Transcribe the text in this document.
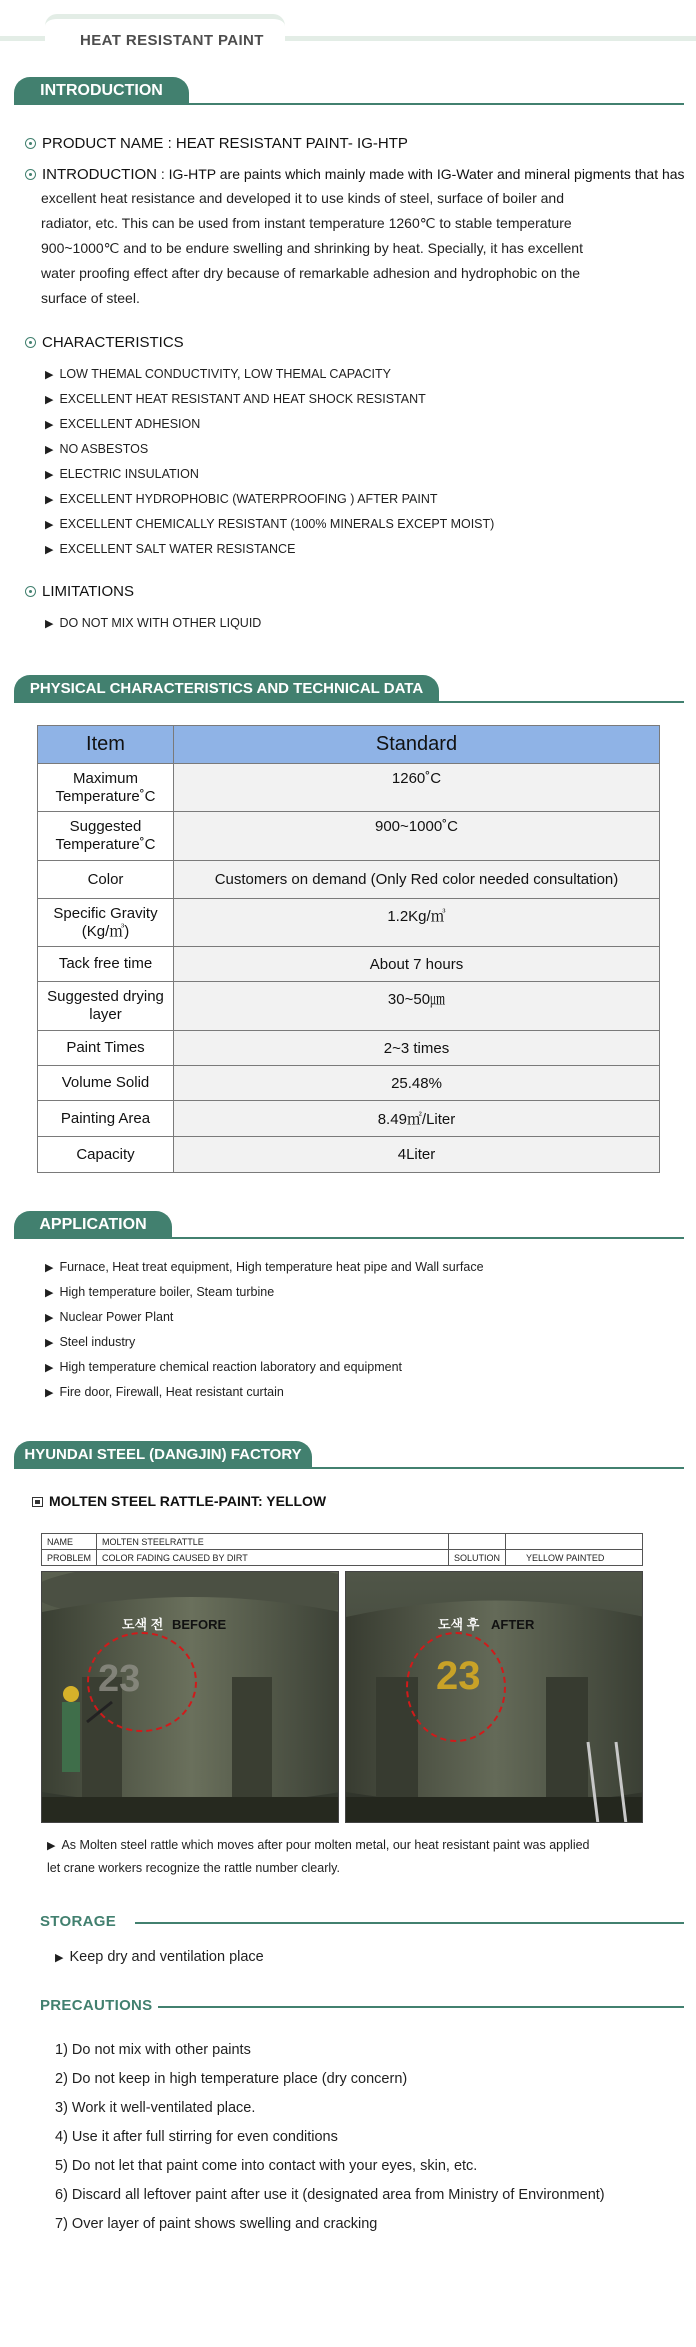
HEAT RESISTANT PAINT
INTRODUCTION
PRODUCT NAME : HEAT RESISTANT PAINT- IG-HTP
INTRODUCTION : IG-HTP are paints which mainly made with IG-Water and mineral pigments that has
excellent heat resistance and developed it to use kinds of steel, surface of boiler and
radiator, etc. This can be used from instant temperature 1260℃ to stable temperature
900~1000℃ and to be endure swelling and shrinking by heat. Specially, it has excellent
water proofing effect after dry because of remarkable adhesion and hydrophobic on the
surface of steel.
CHARACTERISTICS
▶ LOW THEMAL CONDUCTIVITY, LOW THEMAL CAPACITY
▶ EXCELLENT HEAT RESISTANT AND HEAT SHOCK RESISTANT
▶ EXCELLENT ADHESION
▶ NO ASBESTOS
▶ ELECTRIC INSULATION
▶ EXCELLENT HYDROPHOBIC (WATERPROOFING ) AFTER PAINT
▶ EXCELLENT CHEMICALLY RESISTANT (100% MINERALS EXCEPT MOIST)
▶ EXCELLENT SALT WATER RESISTANCE
LIMITATIONS
▶ DO NOT MIX WITH OTHER LIQUID
PHYSICAL CHARACTERISTICS AND TECHNICAL DATA
Item	Standard
Maximum Temperature˚C	1260˚C
Suggested Temperature˚C	900~1000˚C
Color	Customers on demand (Only Red color needed consultation)
Specific Gravity (Kg/㎥)	1.2Kg/㎥
Tack free time	About 7 hours
Suggested drying layer	30~50㎛
Paint Times	2~3 times
Volume Solid	25.48%
Painting Area	8.49㎡/Liter
Capacity	4Liter
APPLICATION
▶ Furnace, Heat treat equipment, High temperature heat pipe and Wall surface
▶ High temperature boiler, Steam turbine
▶ Nuclear Power Plant
▶ Steel industry
▶ High temperature chemical reaction laboratory and equipment
▶ Fire door, Firewall, Heat resistant curtain
HYUNDAI STEEL (DANGJIN) FACTORY
MOLTEN STEEL RATTLE-PAINT: YELLOW
NAME	MOLTEN STEELRATTLE		
PROBLEM	COLOR FADING CAUSED BY DIRT	SOLUTION	YELLOW PAINTED
도색 전 BEFORE
23
도색 후 AFTER
23
▶ As Molten steel rattle which moves after pour molten metal, our heat resistant paint was applied
let crane workers recognize the rattle number clearly.
STORAGE
▶ Keep dry and ventilation place
PRECAUTIONS
1) Do not mix with other paints
2) Do not keep in high temperature place (dry concern)
3) Work it well-ventilated place.
4) Use it after full stirring for even conditions
5) Do not let that paint come into contact with your eyes, skin, etc.
6) Discard all leftover paint after use it (designated area from Ministry of Environment)
7) Over layer of paint shows swelling and cracking
